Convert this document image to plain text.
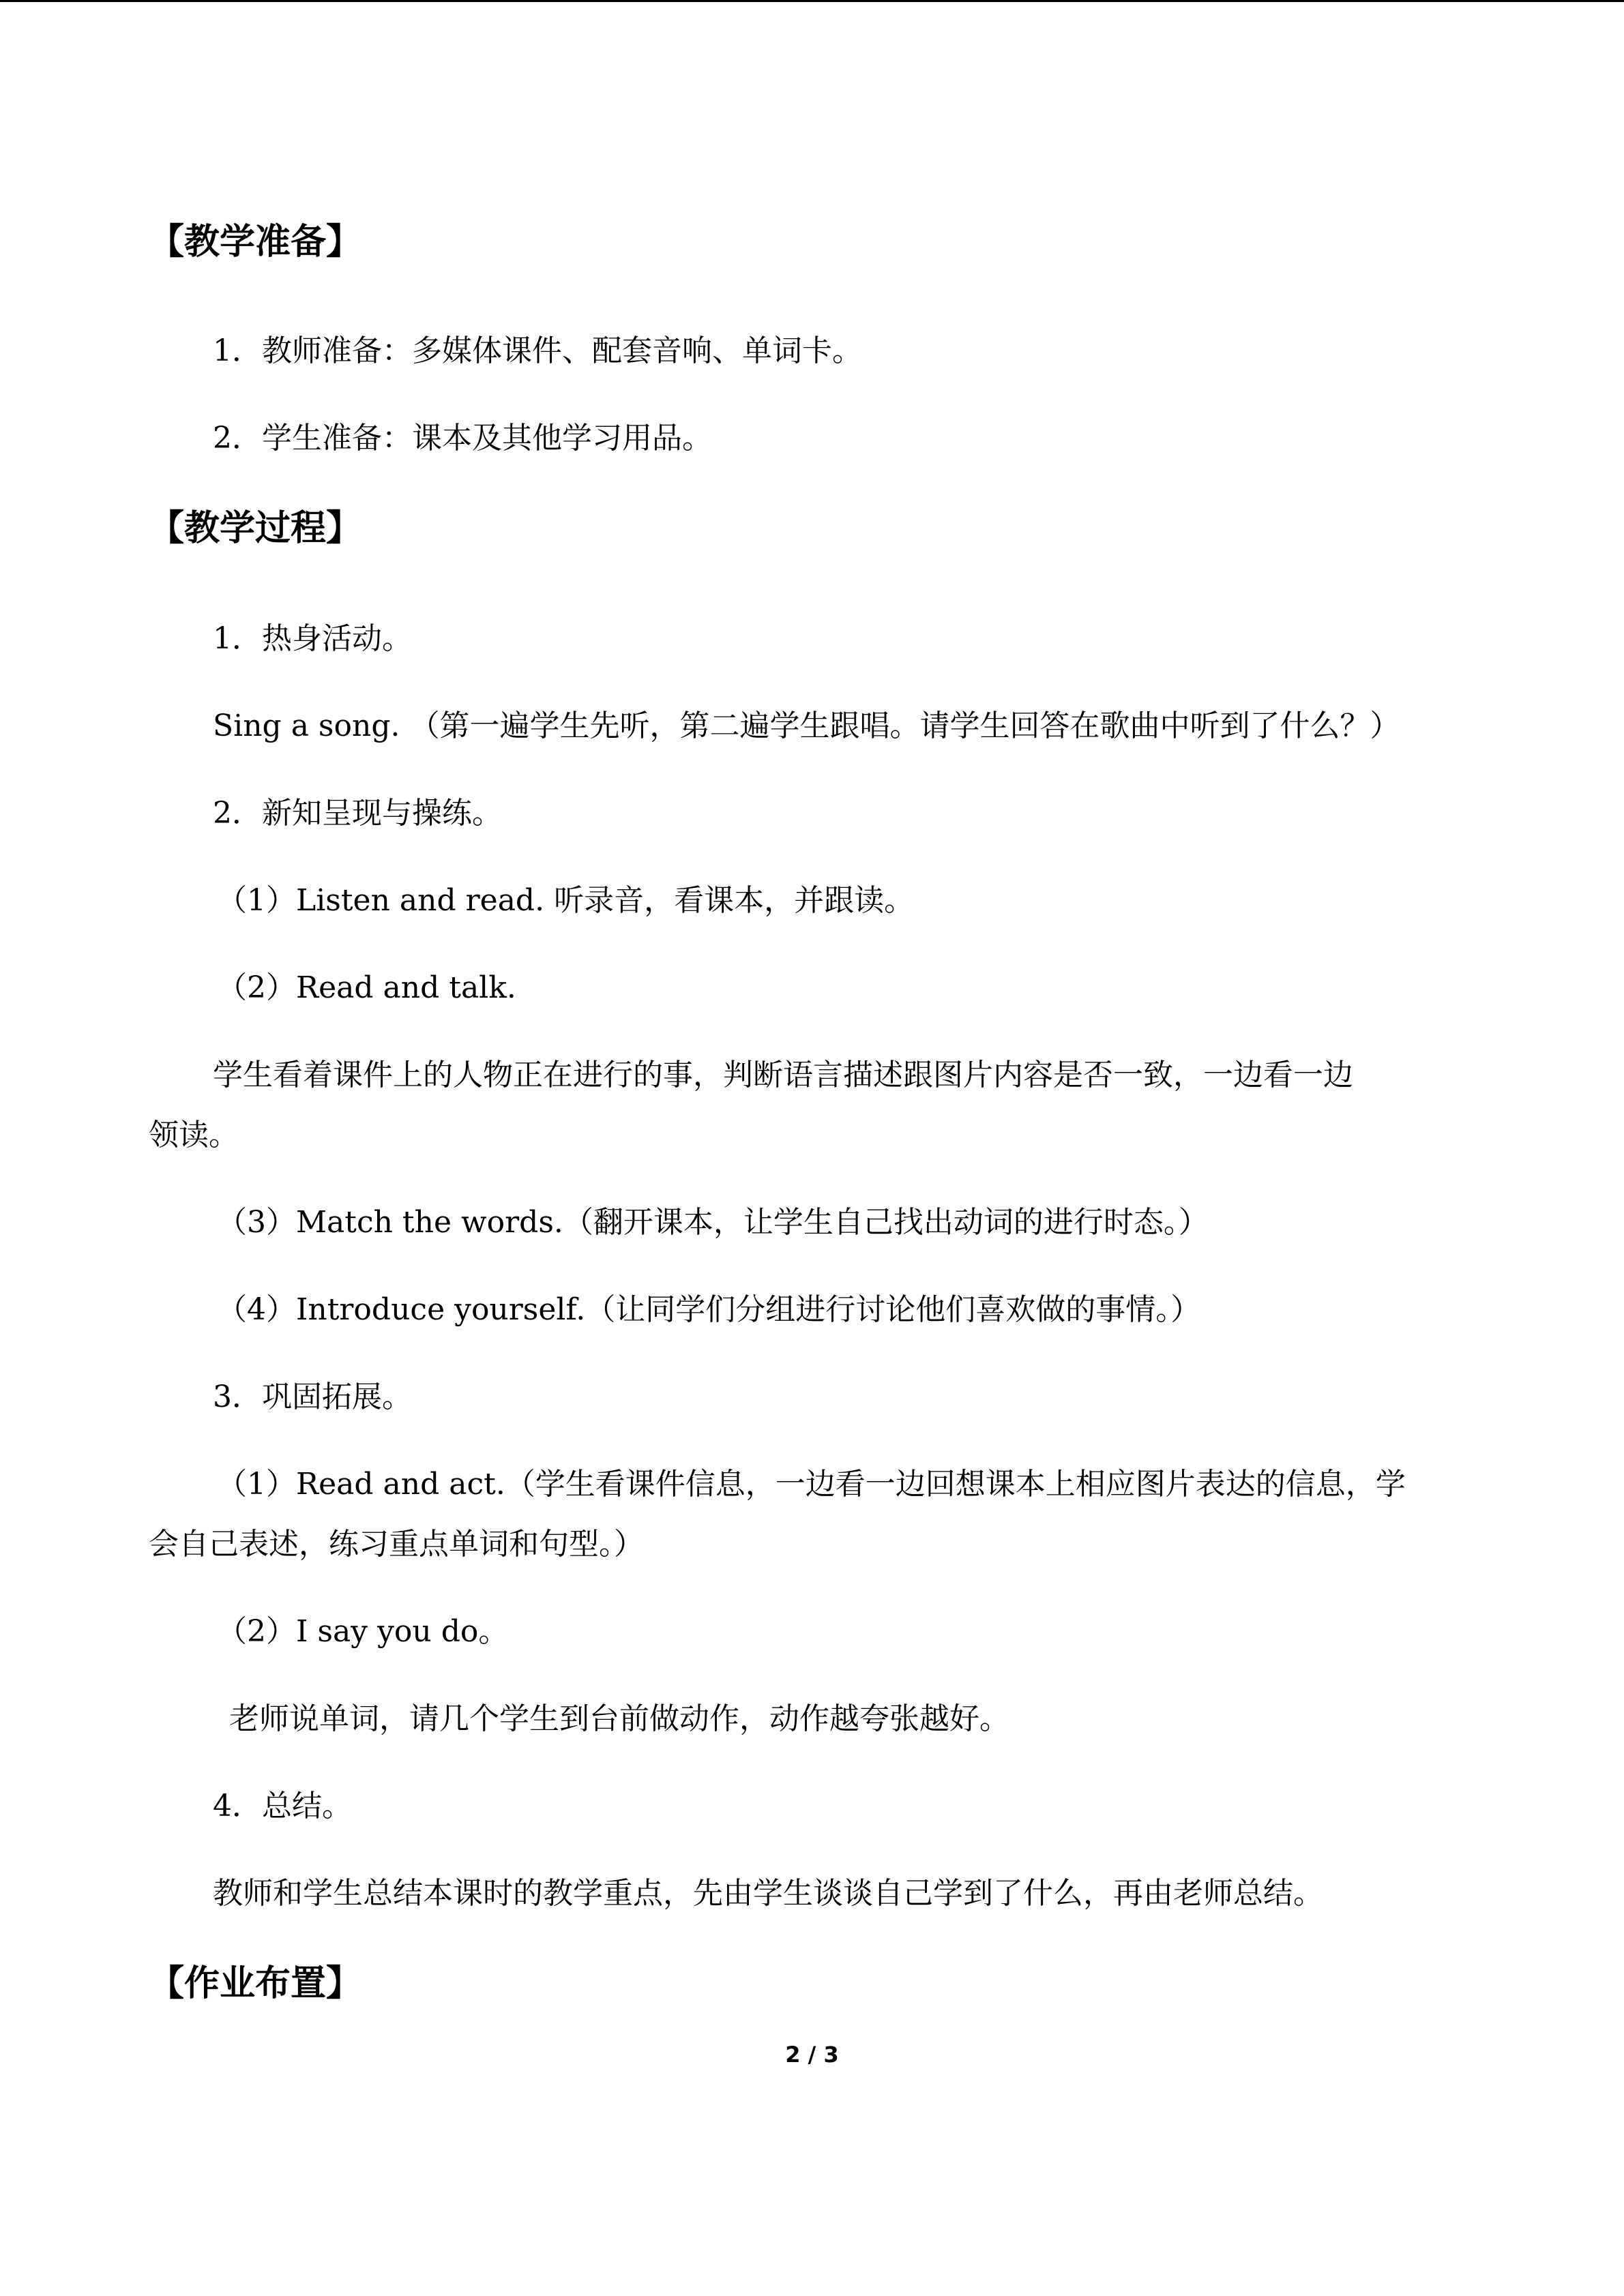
【教学准备】
1．教师准备：多媒体课件、配套音响、单词卡。
2．学生准备：课本及其他学习用品。
【教学过程】
1．热身活动。
Sing a song. （第一遍学生先听，第二遍学生跟唱。请学生回答在歌曲中听到了什么？）
2．新知呈现与操练。
（1）Listen and read. 听录音，看课本，并跟读。
（2）Read and talk.
学生看着课件上的人物正在进行的事，判断语言描述跟图片内容是否一致，一边看一边
领读。
（3）Match the words.（翻开课本，让学生自己找出动词的进行时态。）
（4）Introduce yourself.（让同学们分组进行讨论他们喜欢做的事情。）
3．巩固拓展。
（1）Read and act.（学生看课件信息，一边看一边回想课本上相应图片表达的信息，学
会自己表述，练习重点单词和句型。）
（2）I say you do。
老师说单词，请几个学生到台前做动作，动作越夸张越好。
4．总结。
教师和学生总结本课时的教学重点，先由学生谈谈自己学到了什么，再由老师总结。
【作业布置】
2 / 3
